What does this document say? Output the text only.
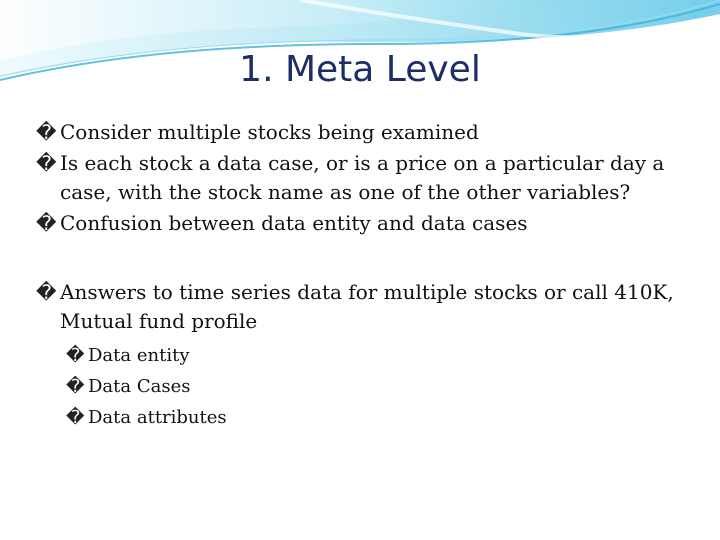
1. Meta Level

� Consider multiple stocks being examined

� Is each stock a data case, or is a price on a particular day a case, with the stock name as one of the other variables?

� Confusion between data entity and data cases

� Answers to time series data for multiple stocks or call 410K, Mutual fund profile

� Data entity

� Data Cases

� Data attributes
